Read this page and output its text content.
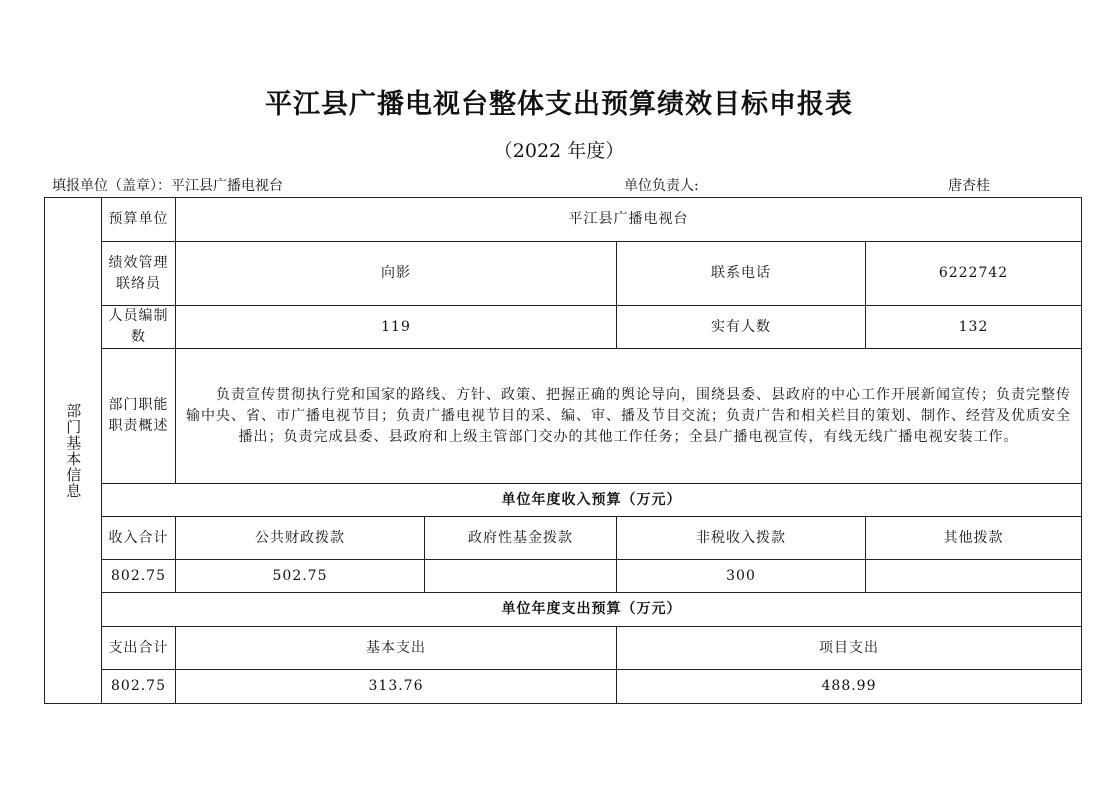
平江县广播电视台整体支出预算绩效目标申报表
（2022 年度）
填报单位（盖章）：平江县广播电视台	单位负责人:	唐杏桂
部门基本信息	预算单位	平江县广播电视台			
	绩效管理联络员	向影		联系电话	6222742
	人员编制数	119		实有人数	132
	部门职能职责概述	负责宣传贯彻执行党和国家的路线、方针、政策、把握正确的舆论导向，围绕县委、县政府的中心工作开展新闻宣传；负责完整传输中央、省、市广播电视节目；负责广播电视节目的采、编、审、播及节目交流；负责广告和相关栏目的策划、制作、经营及优质安全播出；负责完成县委、县政府和上级主管部门交办的其他工作任务；全县广播电视宣传，有线无线广播电视安装工作。			
	单位年度收入预算（万元）				
	收入合计	公共财政拨款	政府性基金拨款	非税收入拨款	其他拨款
	802.75	502.75		300	
	单位年度支出预算（万元）				
	支出合计	基本支出		项目支出	
	802.75	313.76		488.99	
